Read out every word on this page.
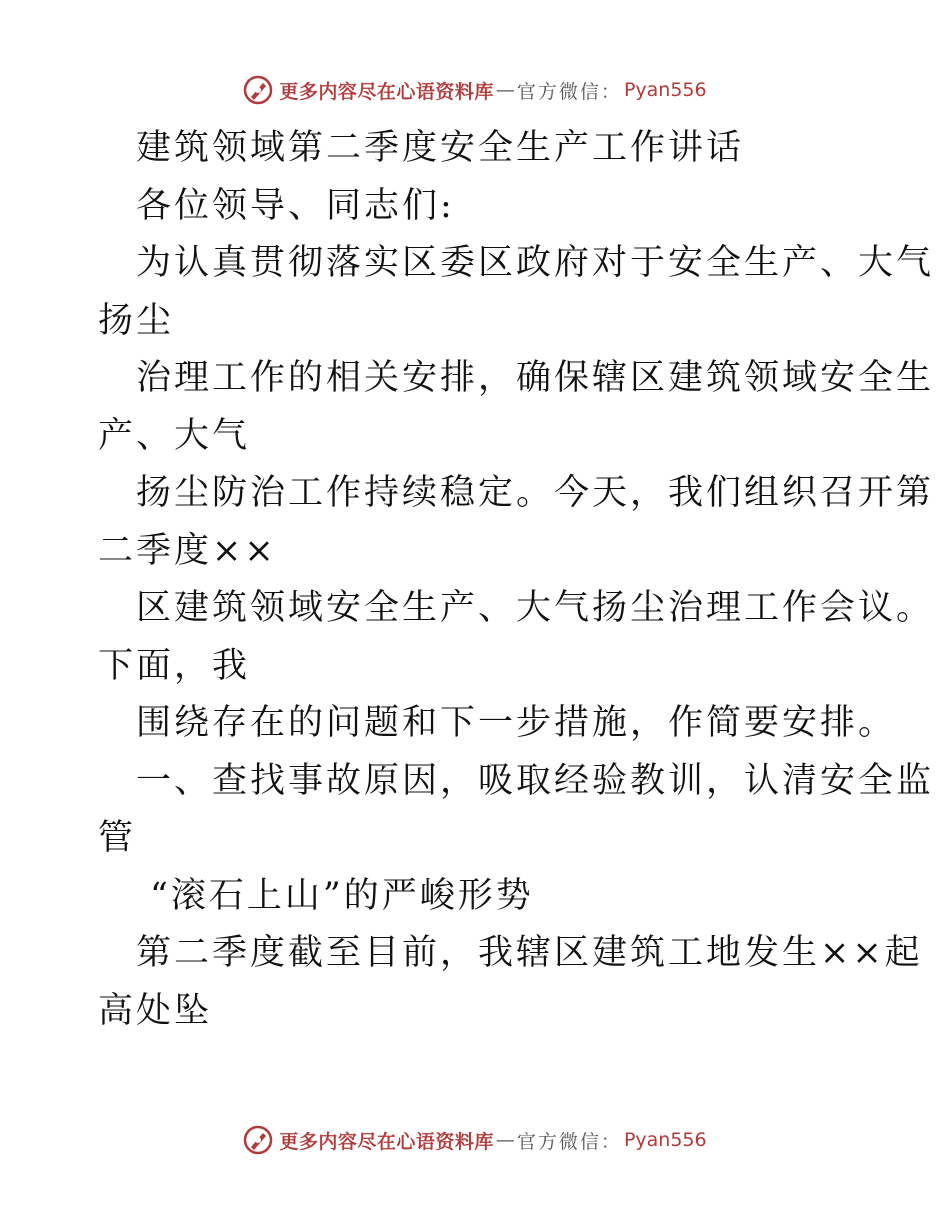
更多内容尽在心语资料库 — 官方微信： Pyan556
建筑领域第二季度安全生产工作讲话
各位领导、同志们:
为认真贯彻落实区委区政府对于安全生产、大气
扬尘
治理工作的相关安排，确保辖区建筑领域安全生
产、大气
扬尘防治工作持续稳定。今天，我们组织召开第
二季度××
区建筑领域安全生产、大气扬尘治理工作会议。
下面，我
围绕存在的问题和下一步措施，作简要安排。
一、查找事故原因，吸取经验教训，认清安全监
管
“滚石上山”的严峻形势
第二季度截至目前，我辖区建筑工地发生××起
高处坠
更多内容尽在心语资料库 — 官方微信： Pyan556
